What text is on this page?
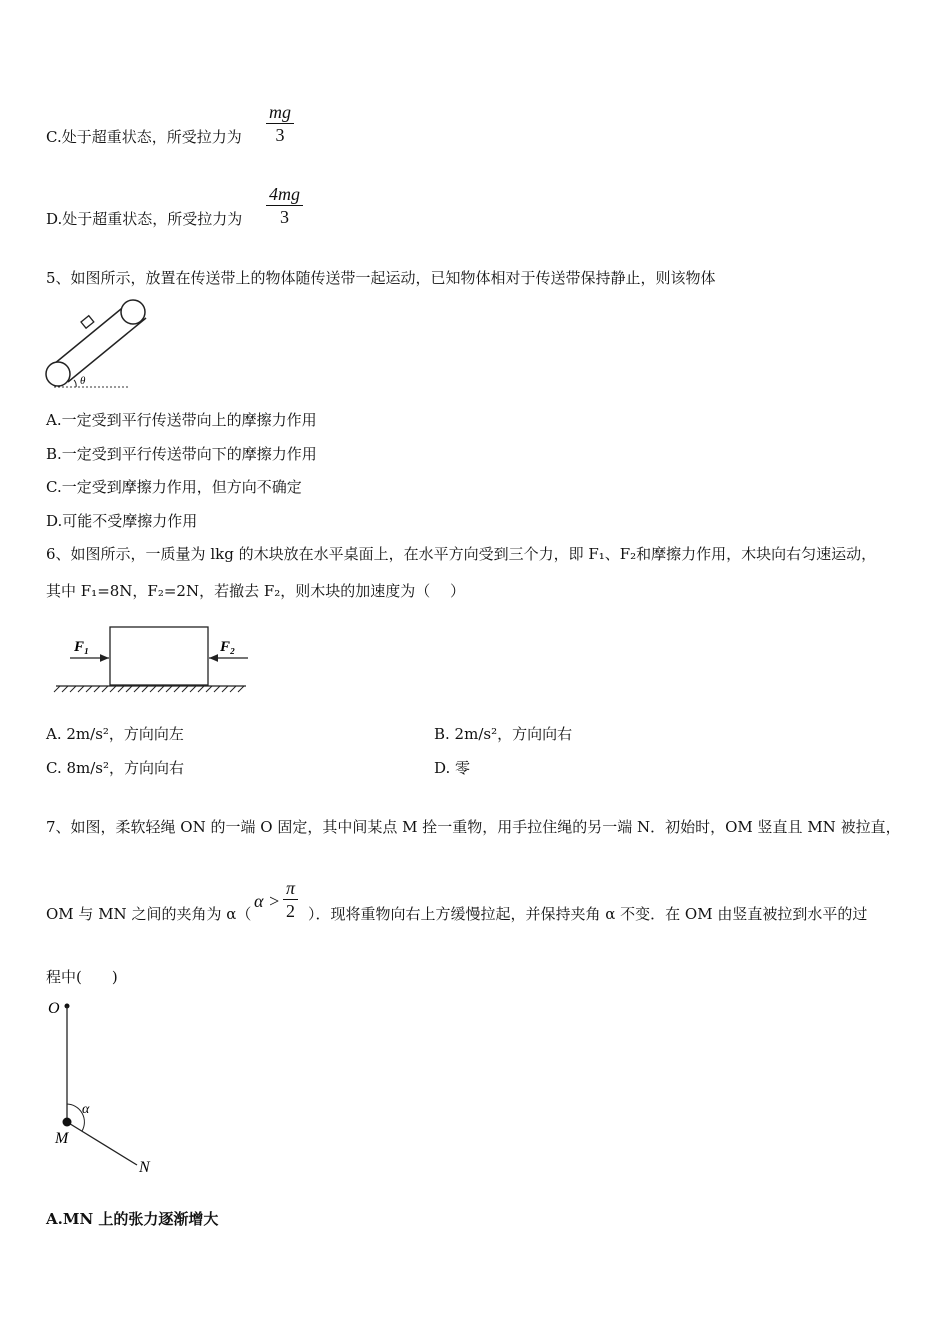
C.处于超重状态，所受拉力为 $\frac{mg}{3}$
D.处于超重状态，所受拉力为 $\frac{4mg}{3}$
5、如图所示，放置在传送带上的物体随传送带一起运动，已知物体相对于传送带保持静止，则该物体
θ
A.一定受到平行传送带向上的摩擦力作用
B.一定受到平行传送带向下的摩擦力作用
C.一定受到摩擦力作用，但方向不确定
D.可能不受摩擦力作用
6、如图所示，一质量为 lkg 的木块放在水平桌面上，在水平方向受到三个力，即 F₁、F₂和摩擦力作用，木块向右匀速运动，
其中 F₁=8N，F₂=2N，若撤去 F₂，则木块的加速度为（　 ）
F₁	F₂
A. 2m/s²，方向向左	B. 2m/s²，方向向右
C. 8m/s²，方向向右	D. 零
7、如图，柔软轻绳 ON 的一端 O 固定，其中间某点 M 拴一重物，用手拉住绳的另一端 N．初始时，OM 竖直且 MN 被拉直，
OM 与 MN 之间的夹角为 α（
$\alpha > \frac{\pi}{2}$ ）．现将重物向右上方缓慢拉起，并保持夹角 α 不变．在 OM 由竖直被拉到水平的过
程中(　　)
O
α
M
N
A.MN 上的张力逐渐增大
